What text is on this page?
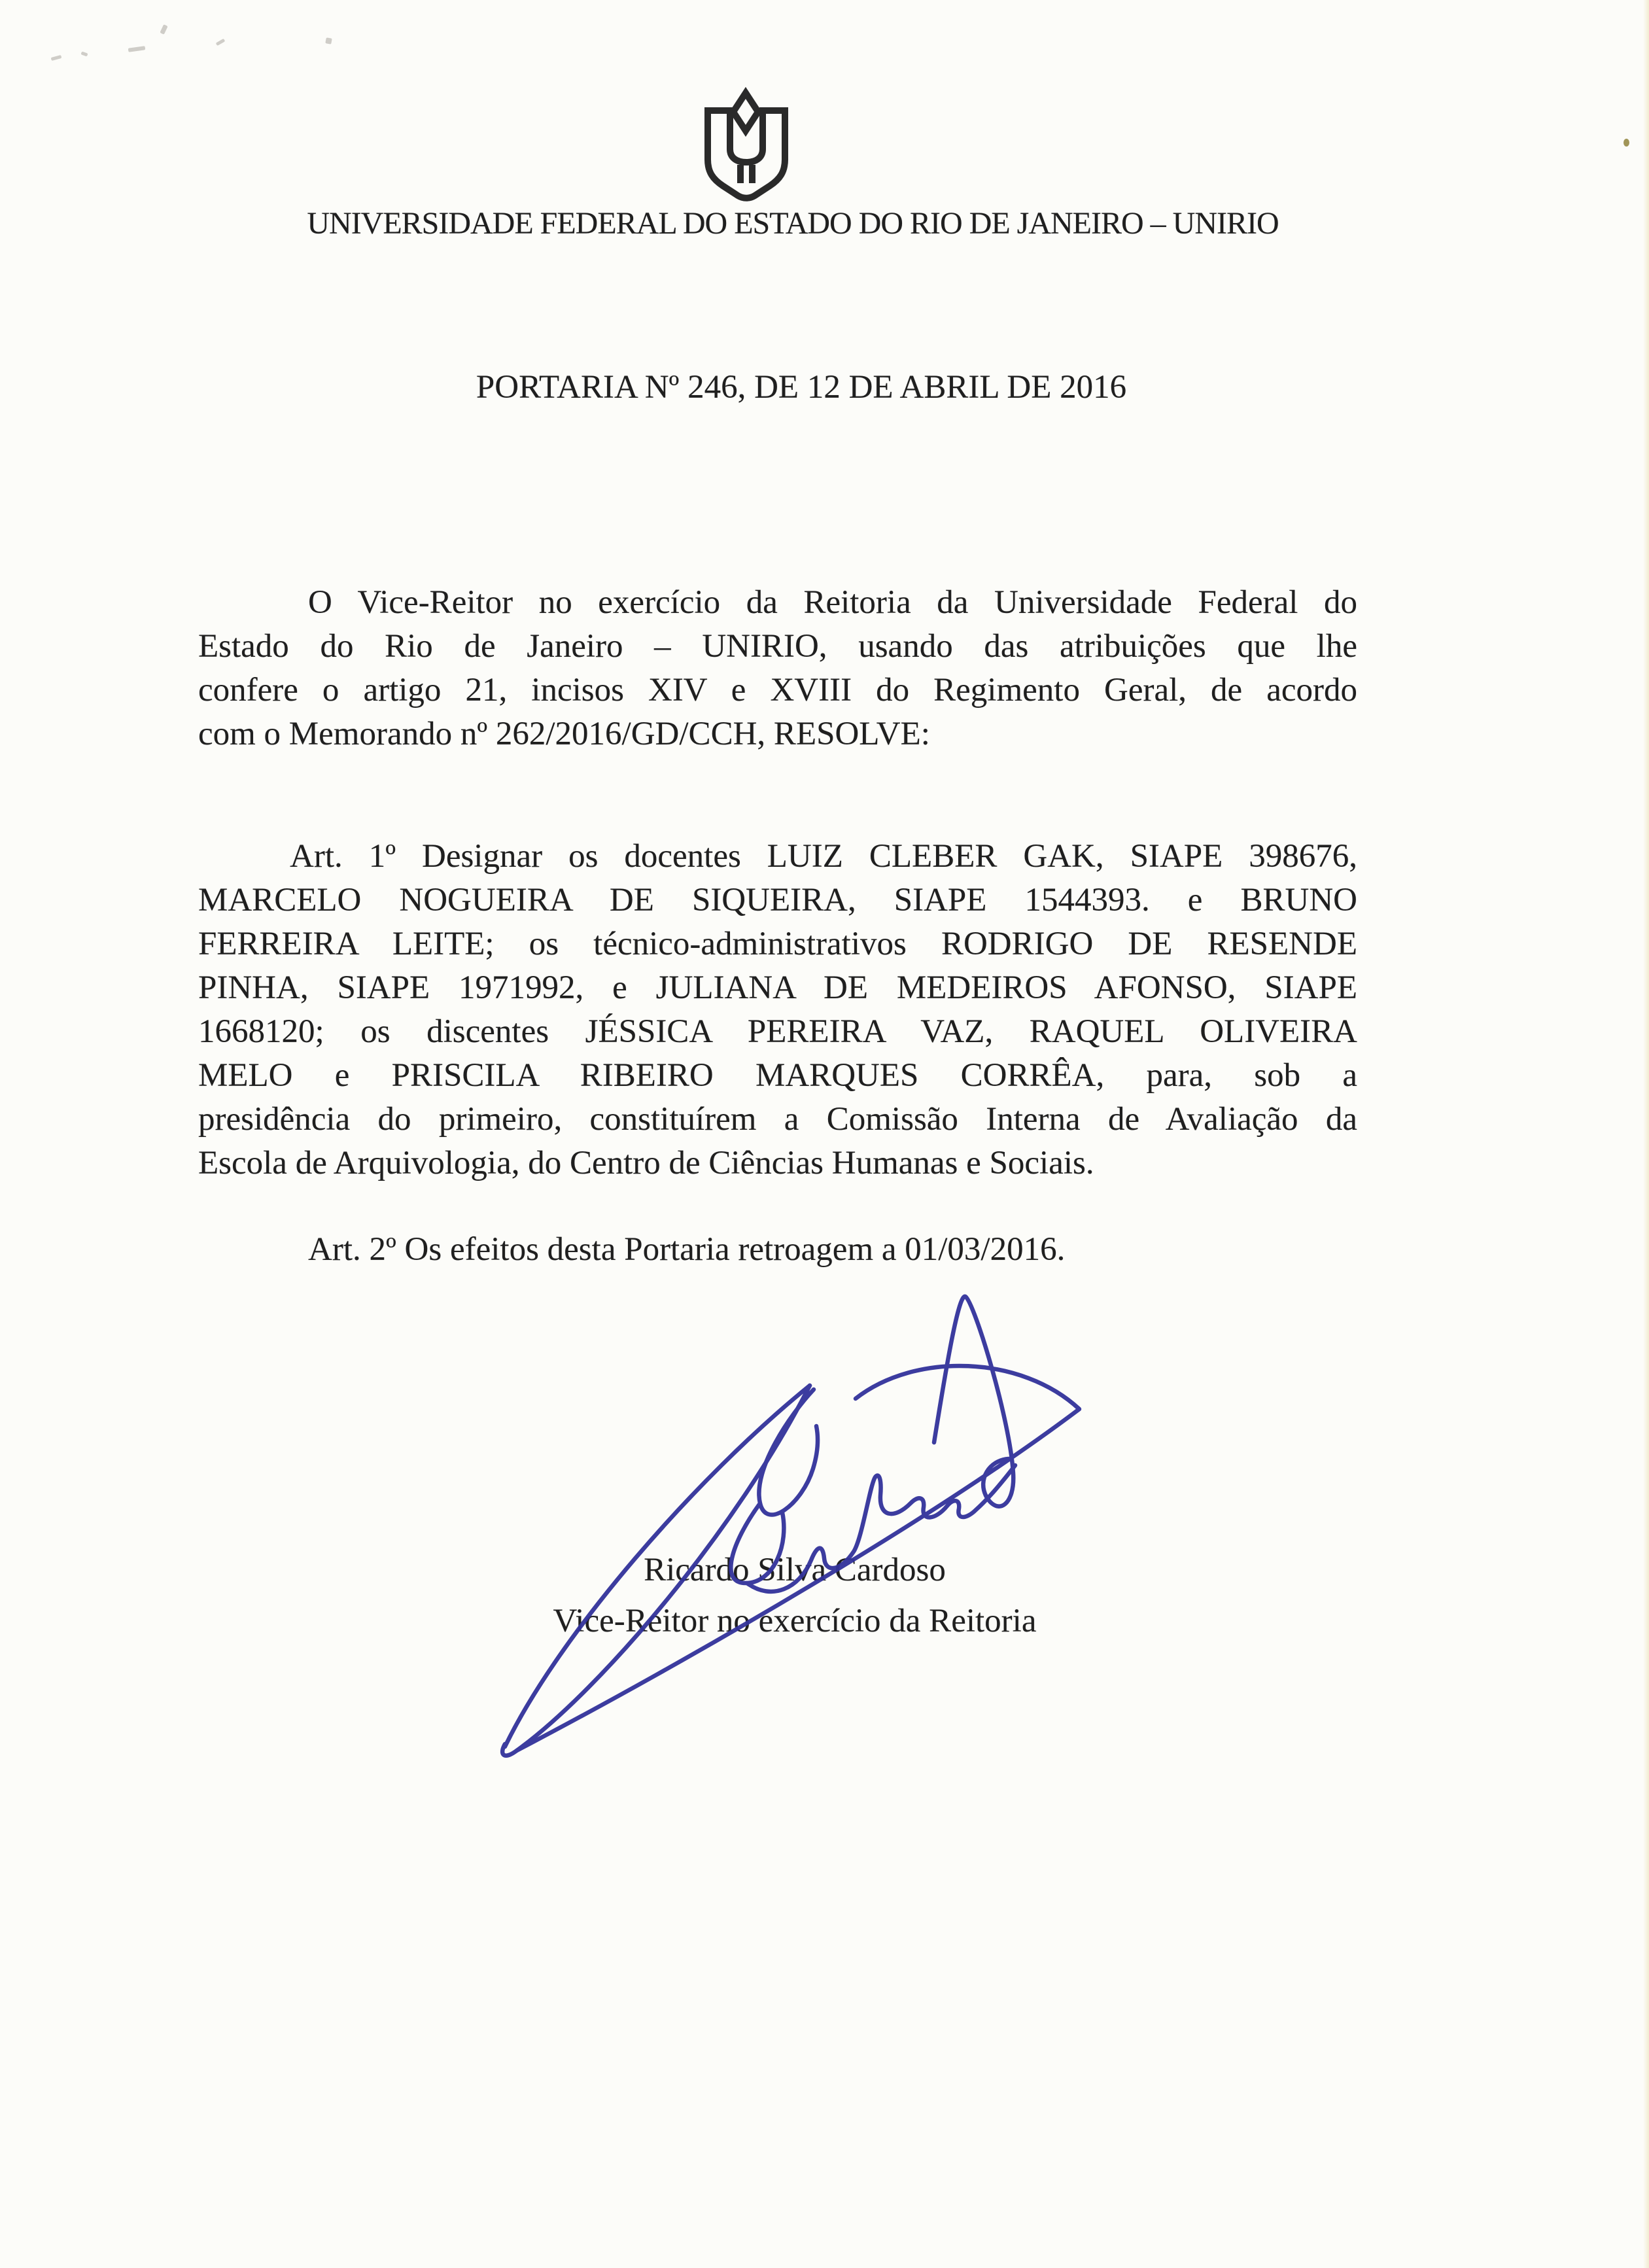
UNIVERSIDADE FEDERAL DO ESTADO DO RIO DE JANEIRO – UNIRIO
PORTARIA Nº 246, DE 12 DE ABRIL DE 2016
O Vice-Reitor no exercício da Reitoria da Universidade Federal do
Estado do Rio de Janeiro – UNIRIO, usando das atribuições que lhe
confere o artigo 21, incisos XIV e XVIII do Regimento Geral, de acordo
com o Memorando nº 262/2016/GD/CCH, RESOLVE:
Art. 1º Designar os docentes LUIZ CLEBER GAK, SIAPE 398676,
MARCELO NOGUEIRA DE SIQUEIRA, SIAPE 1544393. e BRUNO
FERREIRA LEITE; os técnico-administrativos RODRIGO DE RESENDE
PINHA, SIAPE 1971992, e JULIANA DE MEDEIROS AFONSO, SIAPE
1668120; os discentes JÉSSICA PEREIRA VAZ, RAQUEL OLIVEIRA
MELO e PRISCILA RIBEIRO MARQUES CORRÊA, para, sob a
presidência do primeiro, constituírem a Comissão Interna de Avaliação da
Escola de Arquivologia, do Centro de Ciências Humanas e Sociais.
Art. 2º Os efeitos desta Portaria retroagem a 01/03/2016.
Ricardo Silva Cardoso
Vice-Reitor no exercício da Reitoria
